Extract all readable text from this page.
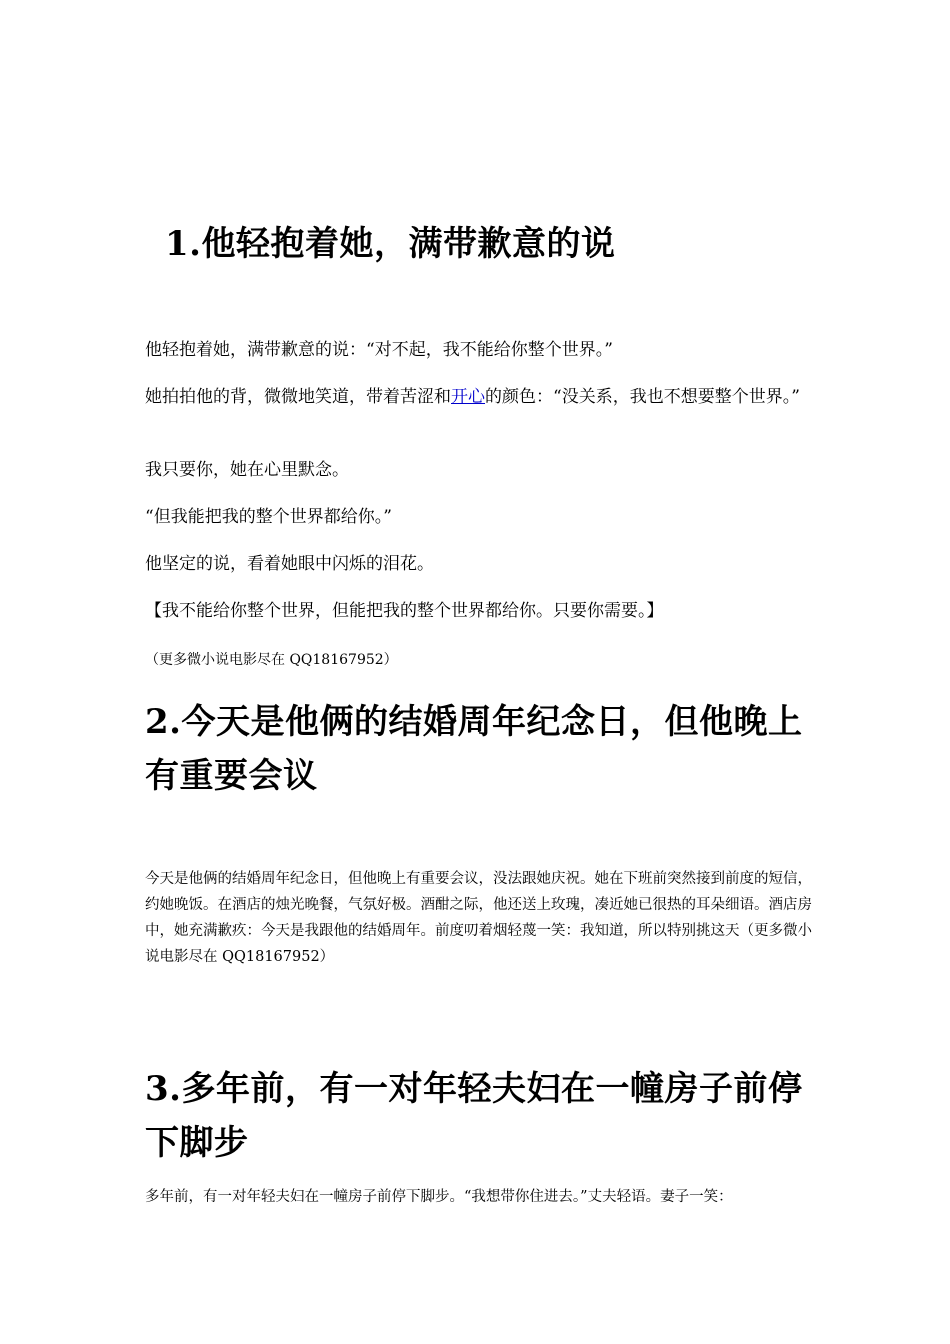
1.他轻抱着她，满带歉意的说

他轻抱着她，满带歉意的说：“对不起，我不能给你整个世界。”

她拍拍他的背，微微地笑道，带着苦涩和开心的颜色：“没关系，我也不想要整个世界。”

我只要你，她在心里默念。

“但我能把我的整个世界都给你。”

他坚定的说，看着她眼中闪烁的泪花。

【我不能给你整个世界，但能把我的整个世界都给你。只要你需要。】

（更多微小说电影尽在 QQ18167952）

2.今天是他俩的结婚周年纪念日，但他晚上有重要会议

今天是他俩的结婚周年纪念日，但他晚上有重要会议，没法跟她庆祝。她在下班前突然接到前度的短信，约她晚饭。在酒店的烛光晚餐，气氛好极。酒酣之际，他还送上玫瑰，凑近她已很热的耳朵细语。酒店房中，她充满歉疚：今天是我跟他的结婚周年。前度叨着烟轻蔑一笑：我知道，所以特别挑这天（更多微小说电影尽在 QQ18167952）

3.多年前，有一对年轻夫妇在一幢房子前停下脚步

多年前，有一对年轻夫妇在一幢房子前停下脚步。“我想带你住进去。”丈夫轻语。妻子一笑：
